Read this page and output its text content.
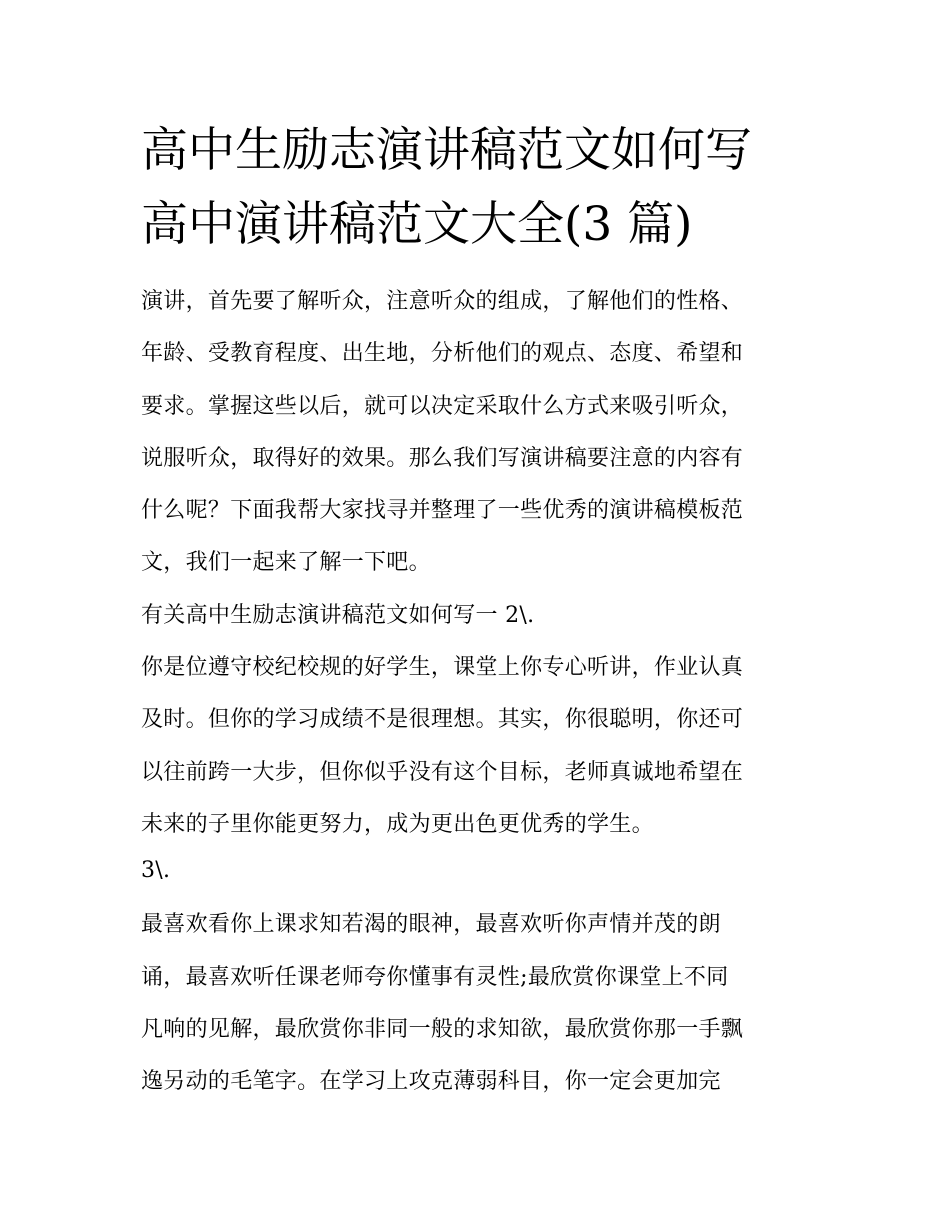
高中生励志演讲稿范文如何写
高中演讲稿范文大全(3 篇)
演讲，首先要了解听众，注意听众的组成，了解他们的性格、
年龄、受教育程度、出生地，分析他们的观点、态度、希望和
要求。掌握这些以后，就可以决定采取什么方式来吸引听众，
说服听众，取得好的效果。那么我们写演讲稿要注意的内容有
什么呢？下面我帮大家找寻并整理了一些优秀的演讲稿模板范
文，我们一起来了解一下吧。
有关高中生励志演讲稿范文如何写一 2\.
你是位遵守校纪校规的好学生，课堂上你专心听讲，作业认真
及时。但你的学习成绩不是很理想。其实，你很聪明，你还可
以往前跨一大步，但你似乎没有这个目标，老师真诚地希望在
未来的子里你能更努力，成为更出色更优秀的学生。
3\.
最喜欢看你上课求知若渴的眼神，最喜欢听你声情并茂的朗
诵，最喜欢听任课老师夸你懂事有灵性;最欣赏你课堂上不同
凡响的见解，最欣赏你非同一般的求知欲，最欣赏你那一手飘
逸另动的毛笔字。在学习上攻克薄弱科目，你一定会更加完
